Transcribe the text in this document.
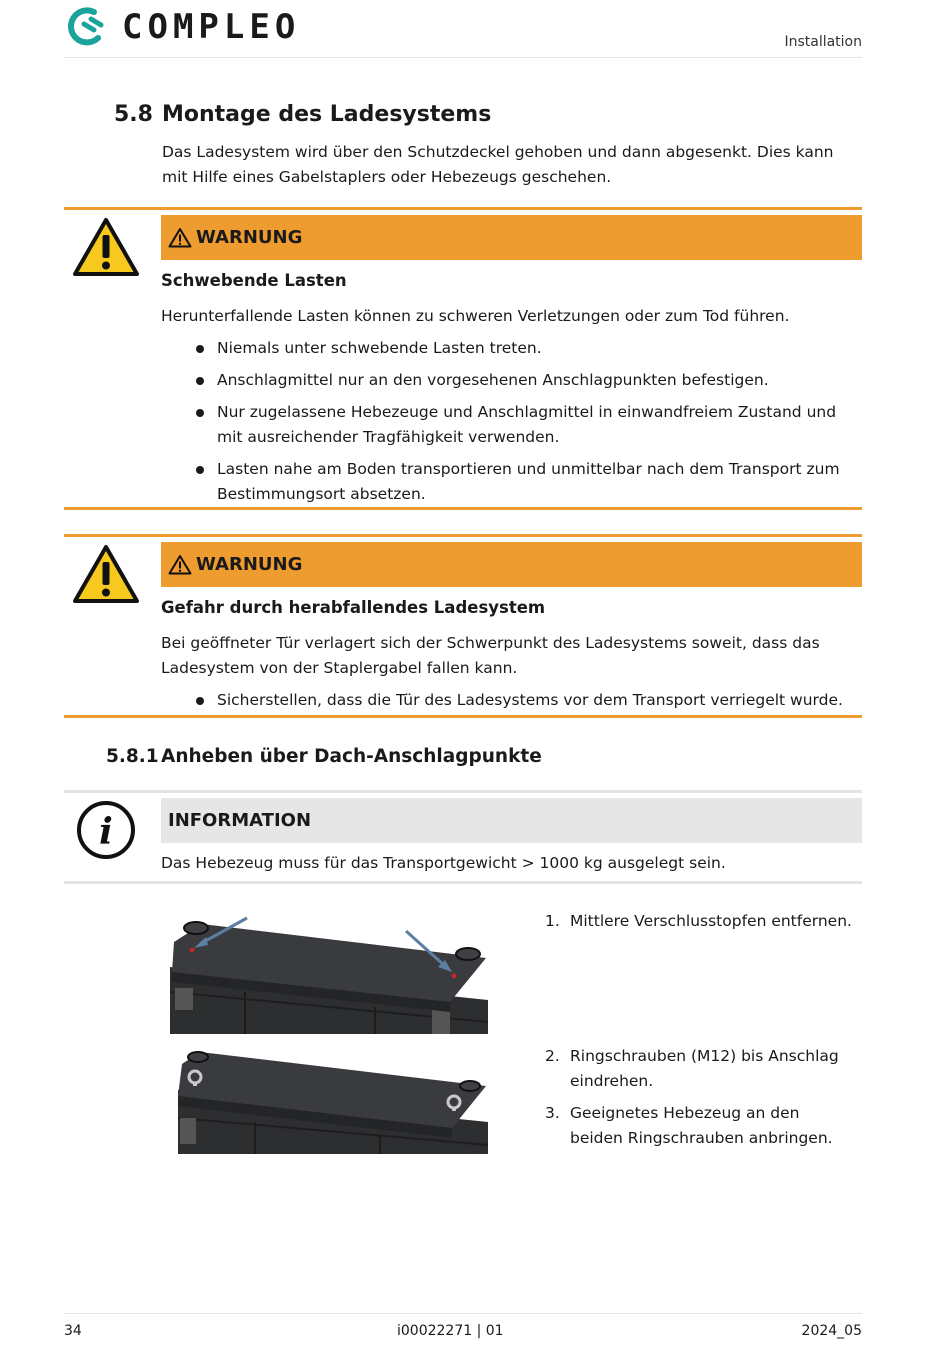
COMPLEO	Installation
5.8 Montage des Ladesystems

Das Ladesystem wird über den Schutzdeckel gehoben und dann abgesenkt. Dies kann mit Hilfe eines Gabelstaplers oder Hebezeugs geschehen.

WARNUNG
Schwebende Lasten
Herunterfallende Lasten können zu schweren Verletzungen oder zum Tod führen.
Niemals unter schwebende Lasten treten.
Anschlagmittel nur an den vorgesehenen Anschlagpunkten befestigen.
Nur zugelassene Hebezeuge und Anschlagmittel in einwandfreiem Zustand und mit ausreichender Tragfähigkeit verwenden.
Lasten nahe am Boden transportieren und unmittelbar nach dem Transport zum Bestimmungsort absetzen.
WARNUNG
Gefahr durch herabfallendes Ladesystem
Bei geöffneter Tür verlagert sich der Schwerpunkt des Ladesystems soweit, dass das Ladesystem von der Staplergabel fallen kann.
Sicherstellen, dass die Tür des Ladesystems vor dem Transport verriegelt wurde.
5.8.1 Anheben über Dach-Anschlagpunkte
i	INFORMATION
Das Hebezeug muss für das Transportgewicht > 1000 kg ausgelegt sein.
1. Mittlere Verschlusstopfen entfernen.
2. Ringschrauben (M12) bis Anschlag eindrehen.
3. Geeignetes Hebezeug an den beiden Ringschrauben anbringen.
34	i00022271 | 01	2024_05
